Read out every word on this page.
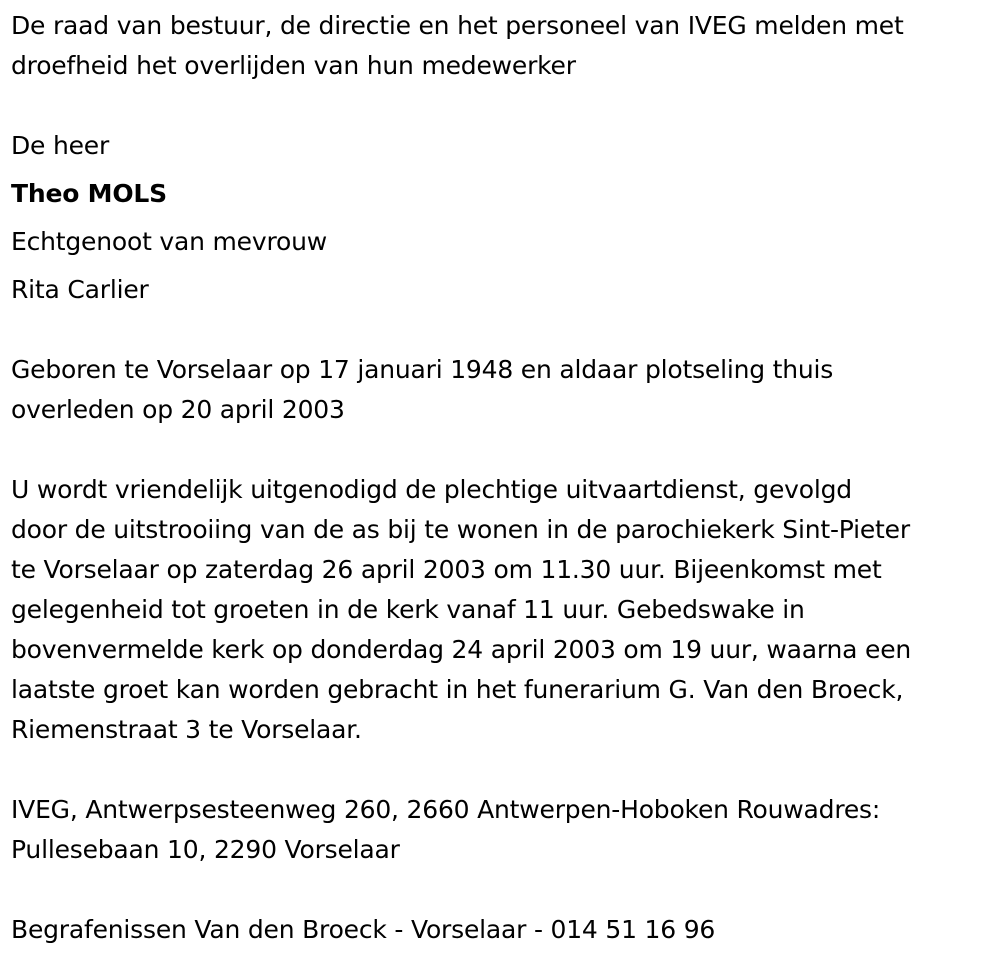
De raad van bestuur, de directie en het personeel van IVEG melden met
droefheid het overlijden van hun medewerker

De heer
Theo MOLS
Echtgenoot van mevrouw
Rita Carlier

Geboren te Vorselaar op 17 januari 1948 en aldaar plotseling thuis
overleden op 20 april 2003

U wordt vriendelijk uitgenodigd de plechtige uitvaartdienst, gevolgd
door de uitstrooiing van de as bij te wonen in de parochiekerk Sint-Pieter
te Vorselaar op zaterdag 26 april 2003 om 11.30 uur. Bijeenkomst met
gelegenheid tot groeten in de kerk vanaf 11 uur. Gebedswake in
bovenvermelde kerk op donderdag 24 april 2003 om 19 uur, waarna een
laatste groet kan worden gebracht in het funerarium G. Van den Broeck,
Riemenstraat 3 te Vorselaar.

IVEG, Antwerpsesteenweg 260, 2660 Antwerpen-Hoboken Rouwadres:
Pullesebaan 10, 2290 Vorselaar

Begrafenissen Van den Broeck - Vorselaar - 014 51 16 96
